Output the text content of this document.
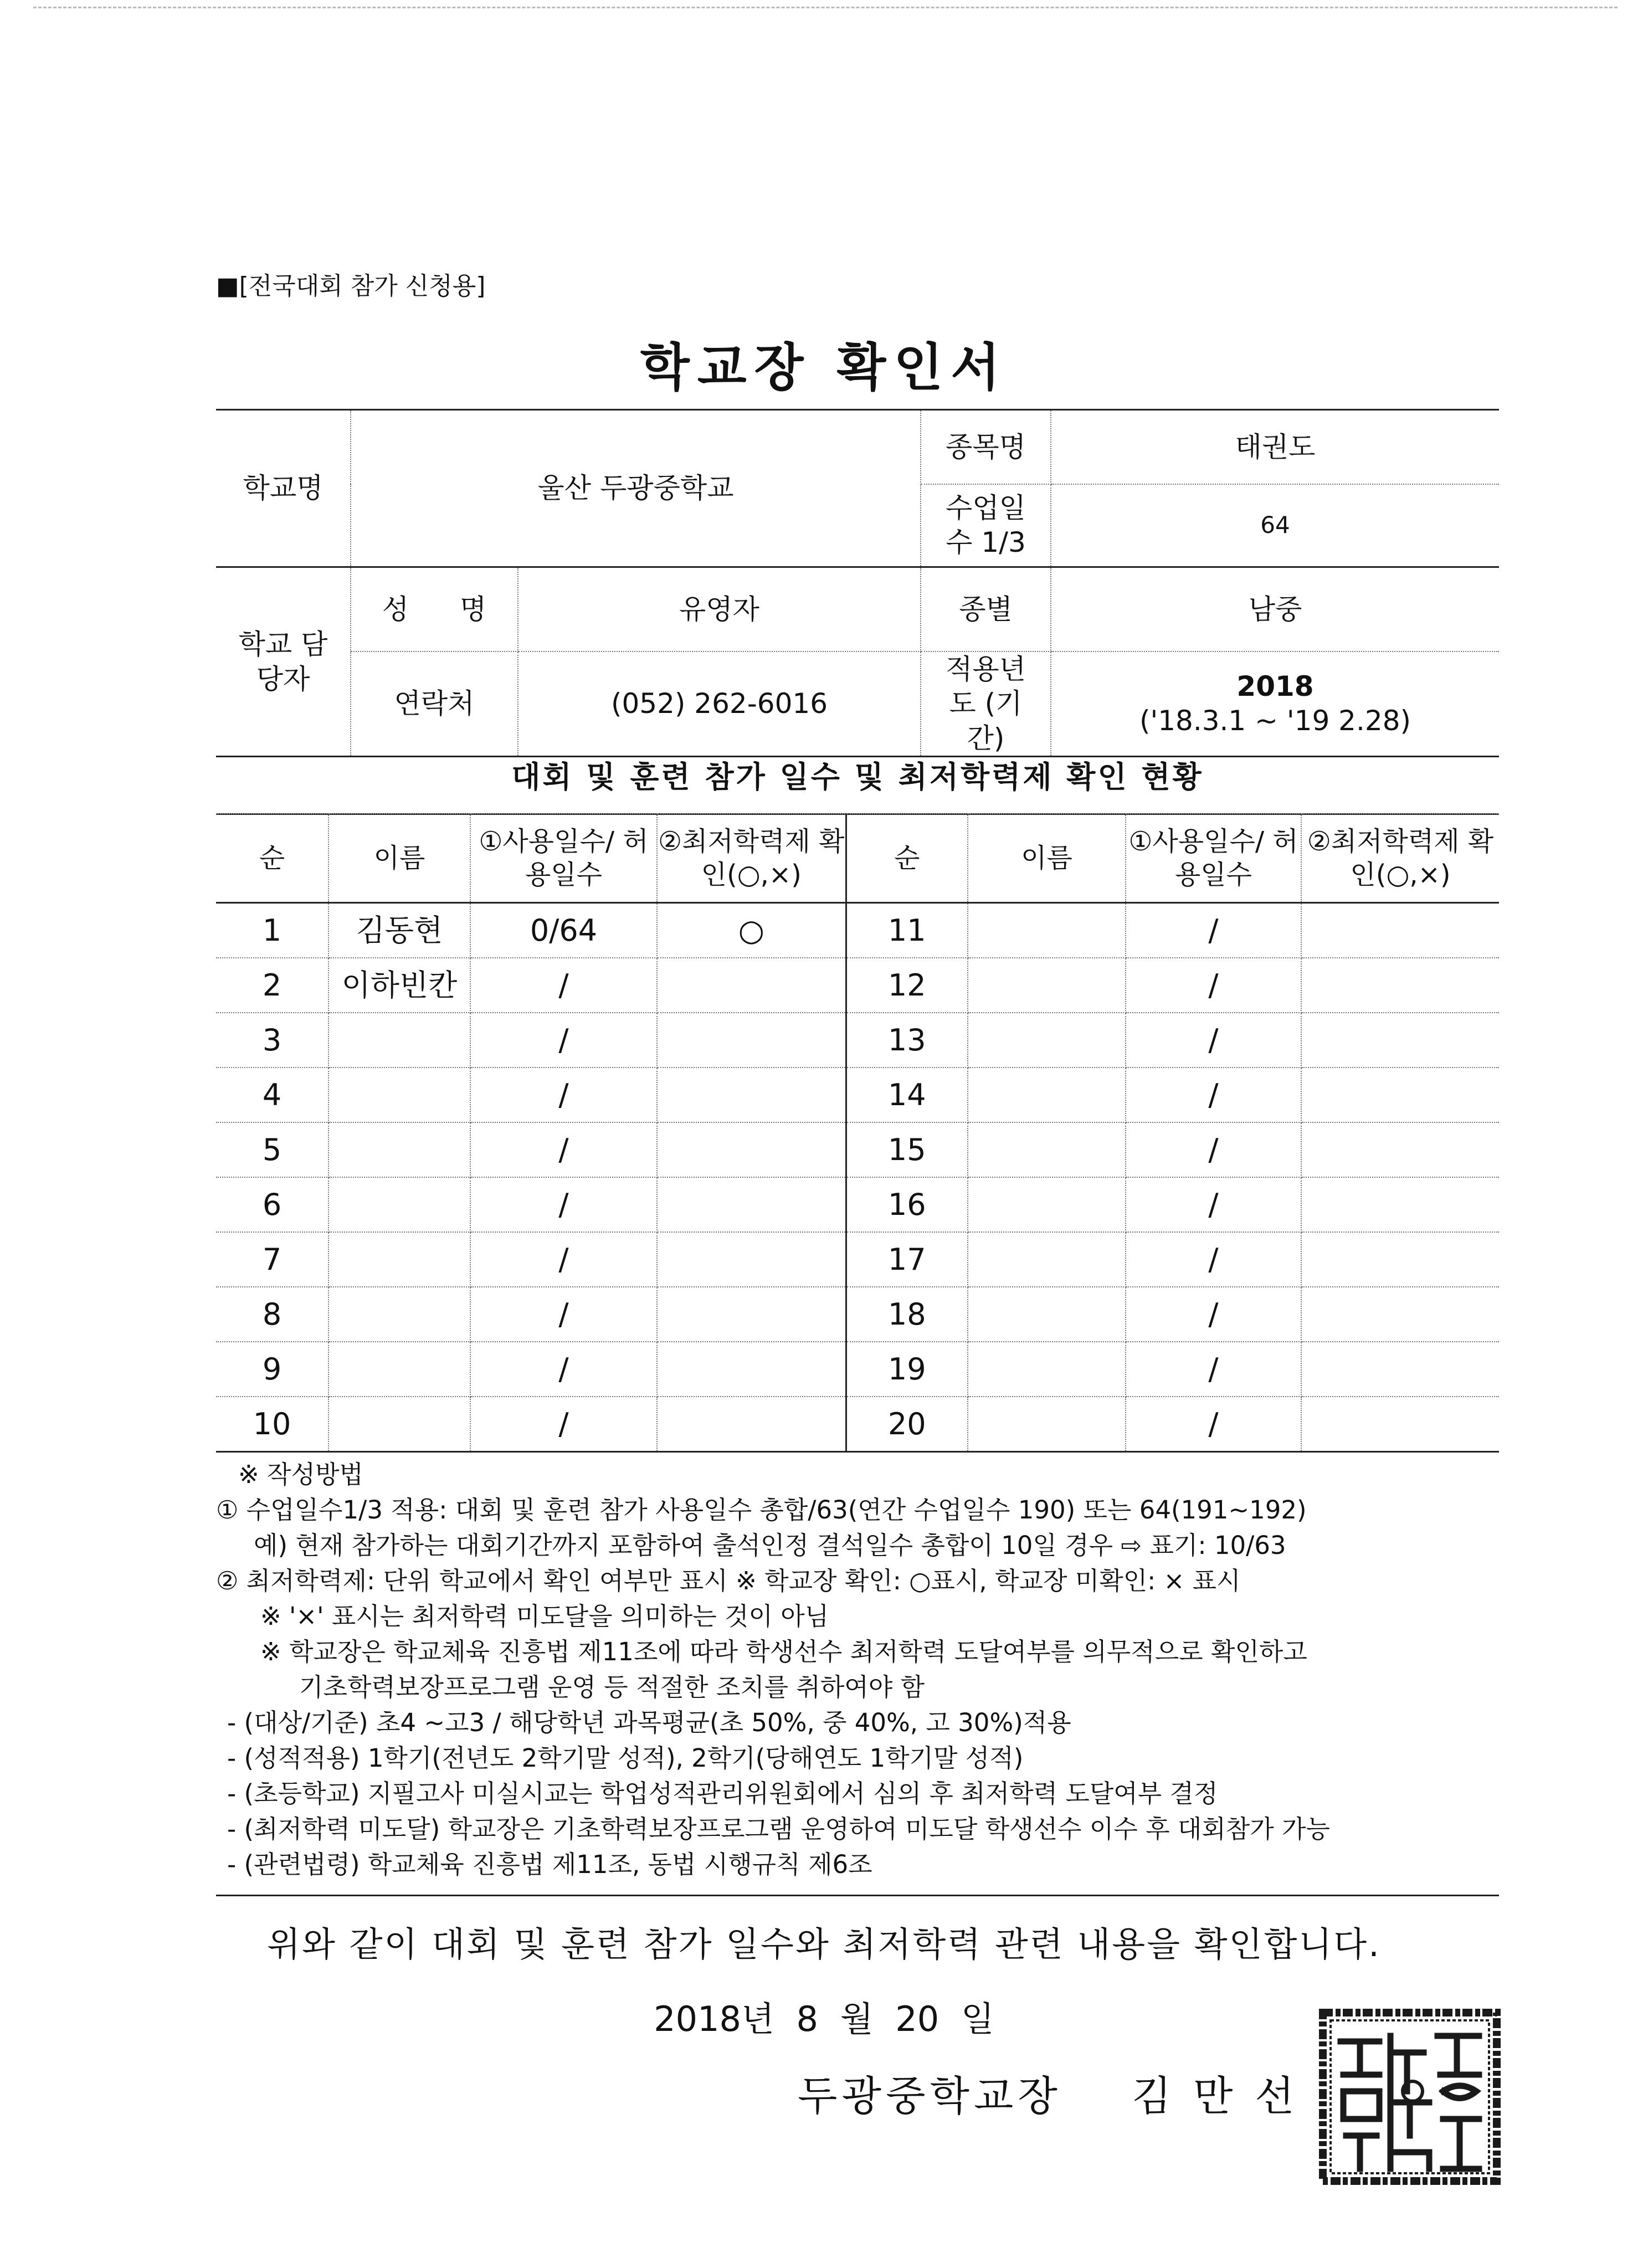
■[전국대회 참가 신청용]
학교장 확인서
학교명	울산 두광중학교		종목명	태권도
			수업일수 1/3	64
학교 담당자	성  명	유영자	종별	남중
	연락처	(052) 262-6016	적용년도 (기간)	2018
('18.3.1 ~ '19 2.28)
대회 및 훈련 참가 일수 및 최저학력제 확인 현황
순	이름	①사용일수/ 허용일수	②최저학력제 확인(○,×)	순	이름	①사용일수/ 허용일수	②최저학력제 확인(○,×)
1	김동현	0/64	○	11		/	
2	이하빈칸	/		12		/	
3		/		13		/	
4		/		14		/	
5		/		15		/	
6		/		16		/	
7		/		17		/	
8		/		18		/	
9		/		19		/	
10		/		20		/	
※ 작성방법
① 수업일수1/3 적용: 대회 및 훈련 참가 사용일수 총합/63(연간 수업일수 190) 또는 64(191~192)
예) 현재 참가하는 대회기간까지 포함하여 출석인정 결석일수 총합이 10일 경우 ⇨ 표기: 10/63
② 최저학력제: 단위 학교에서 확인 여부만 표시 ※ 학교장 확인: ○표시, 학교장 미확인: × 표시
※ '×' 표시는 최저학력 미도달을 의미하는 것이 아님
※ 학교장은 학교체육 진흥법 제11조에 따라 학생선수 최저학력 도달여부를 의무적으로 확인하고
기초학력보장프로그램 운영 등 적절한 조치를 취하여야 함
- (대상/기준) 초4 ~고3 / 해당학년 과목평균(초 50%, 중 40%, 고 30%)적용
- (성적적용) 1학기(전년도 2학기말 성적), 2학기(당해연도 1학기말 성적)
- (초등학교) 지필고사 미실시교는 학업성적관리위원회에서 심의 후 최저학력 도달여부 결정
- (최저학력 미도달) 학교장은 기초학력보장프로그램 운영하여 미도달 학생선수 이수 후 대회참가 가능
- (관련법령) 학교체육 진흥법 제11조, 동법 시행규칙 제6조
위와 같이 대회 및 훈련 참가 일수와 최저학력 관련 내용을 확인합니다.
2018년 8 월 20 일
두광중학교장    김 만 선
